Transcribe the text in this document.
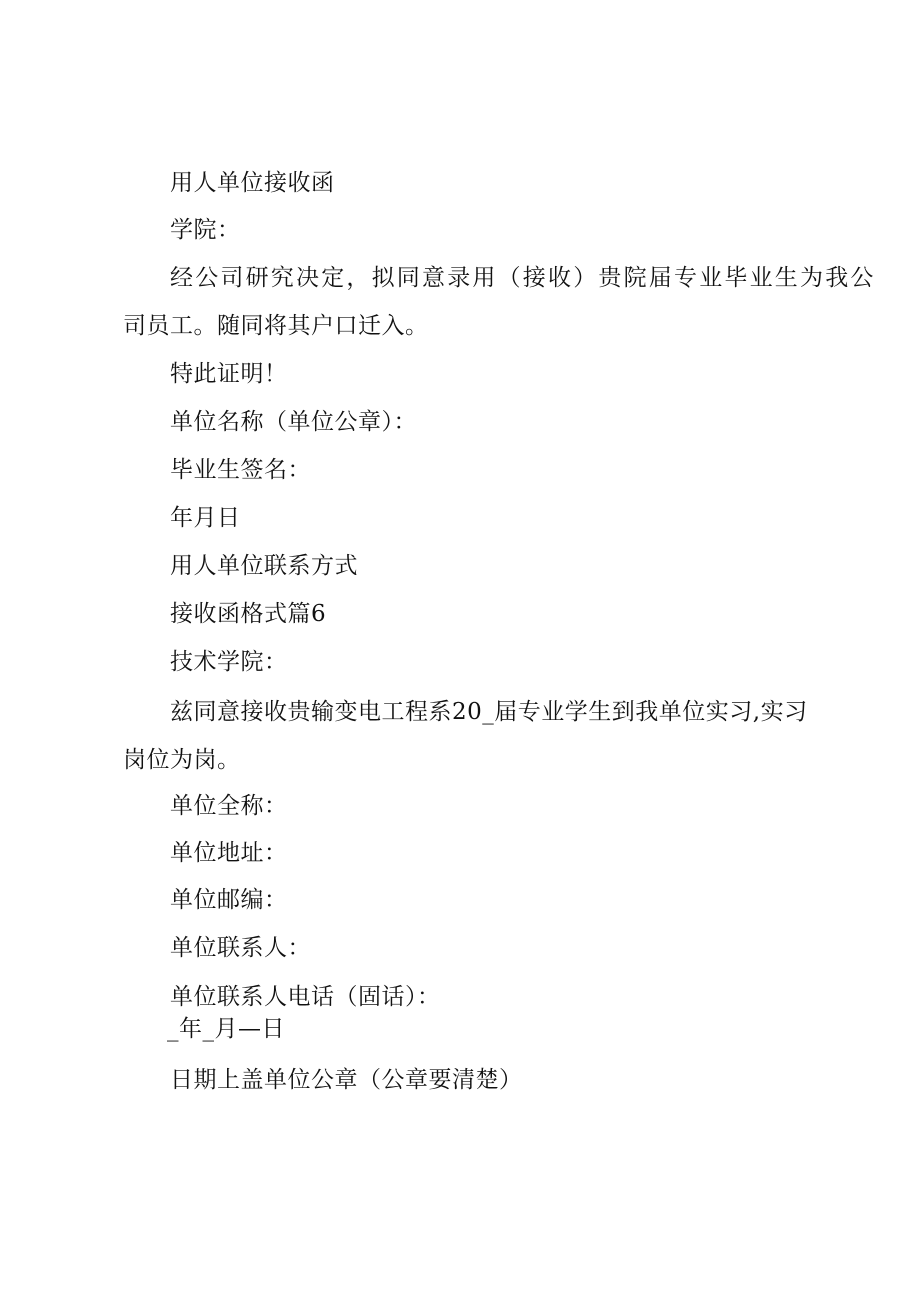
用人单位接收函
学院：
经公司研究决定，拟同意录用（接收）贵院届专业毕业生为我公
司员工。随同将其户口迁入。
特此证明！
单位名称（单位公章）：
毕业生签名：
年月日
用人单位联系方式
接收函格式篇6
技术学院：
兹同意接收贵输变电工程系20_届专业学生到我单位实习,实习
岗位为岗。
单位全称：
单位地址：
单位邮编：
单位联系人：
单位联系人电话（固话）：
_年_月—日
日期上盖单位公章（公章要清楚）
